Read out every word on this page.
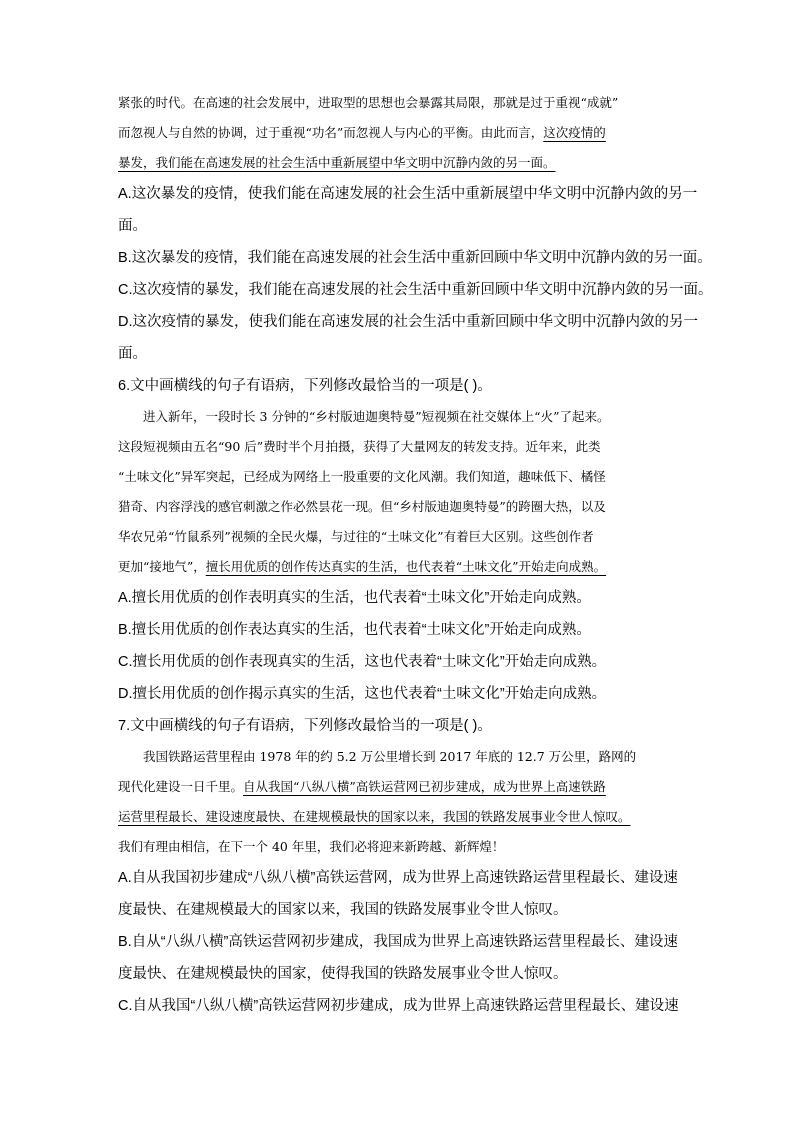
紧张的时代。在高速的社会发展中，进取型的思想也会暴露其局限，那就是过于重视“成就”

而忽视人与自然的协调，过于重视“功名”而忽视人与内心的平衡。由此而言，这次疫情的

暴发，我们能在高速发展的社会生活中重新展望中华文明中沉静内敛的另一面。

A.这次暴发的疫情，使我们能在高速发展的社会生活中重新展望中华文明中沉静内敛的另一

面。

B.这次暴发的疫情，我们能在高速发展的社会生活中重新回顾中华文明中沉静内敛的另一面。

C.这次疫情的暴发，我们能在高速发展的社会生活中重新回顾中华文明中沉静内敛的另一面。

D.这次疫情的暴发，使我们能在高速发展的社会生活中重新回顾中华文明中沉静内敛的另一

面。

6.文中画横线的句子有语病，下列修改最恰当的一项是( )。

进入新年，一段时长 3 分钟的“乡村版迪迦奥特曼”短视频在社交媒体上“火”了起来。

这段短视频由五名“90 后”费时半个月拍摄，获得了大量网友的转发支持。近年来，此类

“土味文化”异军突起，已经成为网络上一股重要的文化风潮。我们知道，趣味低下、橘怪

猎奇、内容浮浅的感官刺激之作必然昙花一现。但“乡村版迪迦奥特曼”的跨圈大热，以及

华农兄弟“竹鼠系列”视频的全民火爆，与过往的“土味文化”有着巨大区别。这些创作者

更加“接地气”，擅长用优质的创作传达真实的生活，也代表着“土味文化”开始走向成熟。

A.擅长用优质的创作表明真实的生活，也代表着“土味文化”开始走向成熟。

B.擅长用优质的创作表达真实的生活，也代表着“土味文化”开始走向成熟。

C.擅长用优质的创作表现真实的生活，这也代表着“土味文化”开始走向成熟。

D.擅长用优质的创作揭示真实的生活，这也代表着“土味文化”开始走向成熟。

7.文中画横线的句子有语病，下列修改最恰当的一项是( )。

我国铁路运营里程由 1978 年的约 5.2 万公里增长到 2017 年底的 12.7 万公里，路网的

现代化建设一日千里。自从我国“八纵八横”高铁运营网已初步建成，成为世界上高速铁路

运营里程最长、建设速度最快、在建规模最快的国家以来，我国的铁路发展事业令世人惊叹。

我们有理由相信，在下一个 40 年里，我们必将迎来新跨越、新辉煌！

A.自从我国初步建成“八纵八横”高铁运营网，成为世界上高速铁路运营里程最长、建设速

度最快、在建规模最大的国家以来，我国的铁路发展事业令世人惊叹。

B.自从“八纵八横”高铁运营网初步建成，我国成为世界上高速铁路运营里程最长、建设速

度最快、在建规模最快的国家，使得我国的铁路发展事业令世人惊叹。

C.自从我国“八纵八横”高铁运营网初步建成，成为世界上高速铁路运营里程最长、建设速
